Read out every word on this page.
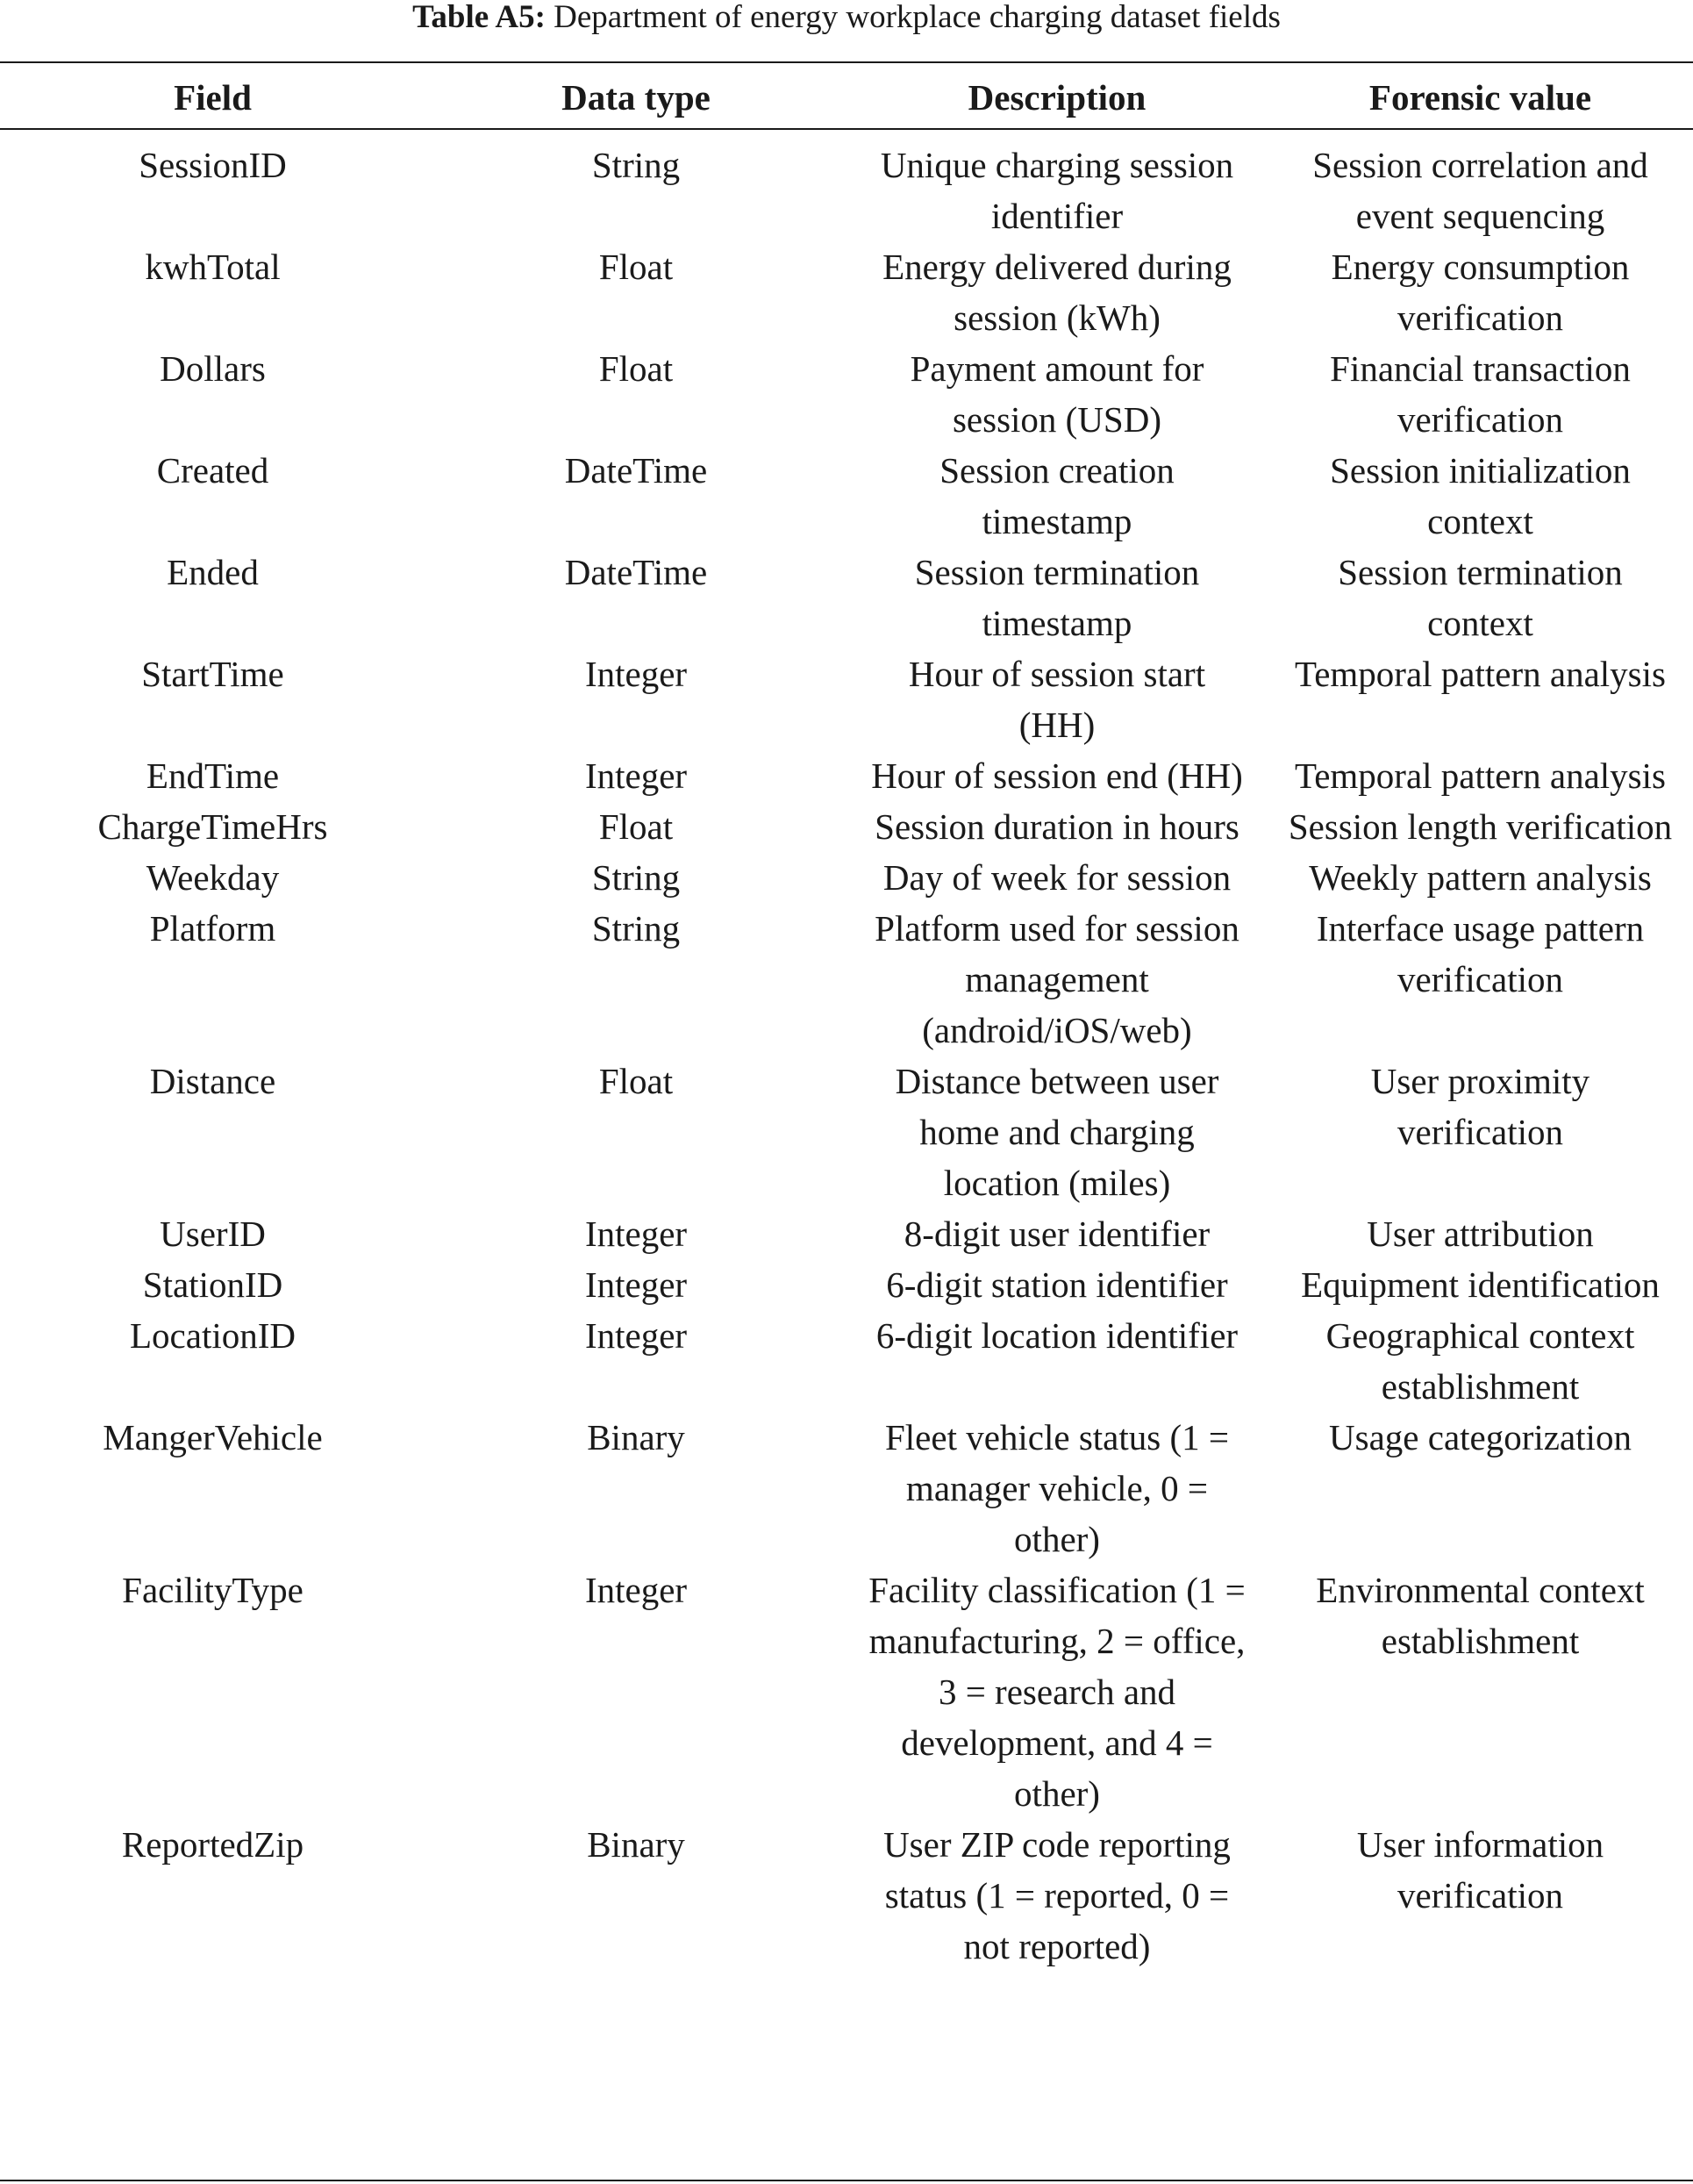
Table A5: Department of energy workplace charging dataset fields
Field	Data type	Description	Forensic value

SessionID	String	Unique charging session identifier	Session correlation and event sequencing

kwhTotal	Float	Energy delivered during session (kWh)	Energy consumption verification

Dollars	Float	Payment amount for session (USD)	Financial transaction verification

Created	DateTime	Session creation timestamp	Session initialization context

Ended	DateTime	Session termination timestamp	Session termination context

StartTime	Integer	Hour of session start (HH)	Temporal pattern analysis

EndTime	Integer	Hour of session end (HH)	Temporal pattern analysis

ChargeTimeHrs	Float	Session duration in hours	Session length verification

Weekday	String	Day of week for session	Weekly pattern analysis

Platform	String	Platform used for session management (android/iOS/web)	Interface usage pattern verification

Distance	Float	Distance between user home and charging location (miles)	User proximity verification

UserID	Integer	8-digit user identifier	User attribution

StationID	Integer	6-digit station identifier	Equipment identification

LocationID	Integer	6-digit location identifier	Geographical context establishment

MangerVehicle	Binary	Fleet vehicle status (1 = manager vehicle, 0 = other)	Usage categorization

FacilityType	Integer	Facility classification (1 = manufacturing, 2 = office, 3 = research and development, and 4 = other)	Environmental context establishment

ReportedZip	Binary	User ZIP code reporting status (1 = reported, 0 = not reported)	User information verification
